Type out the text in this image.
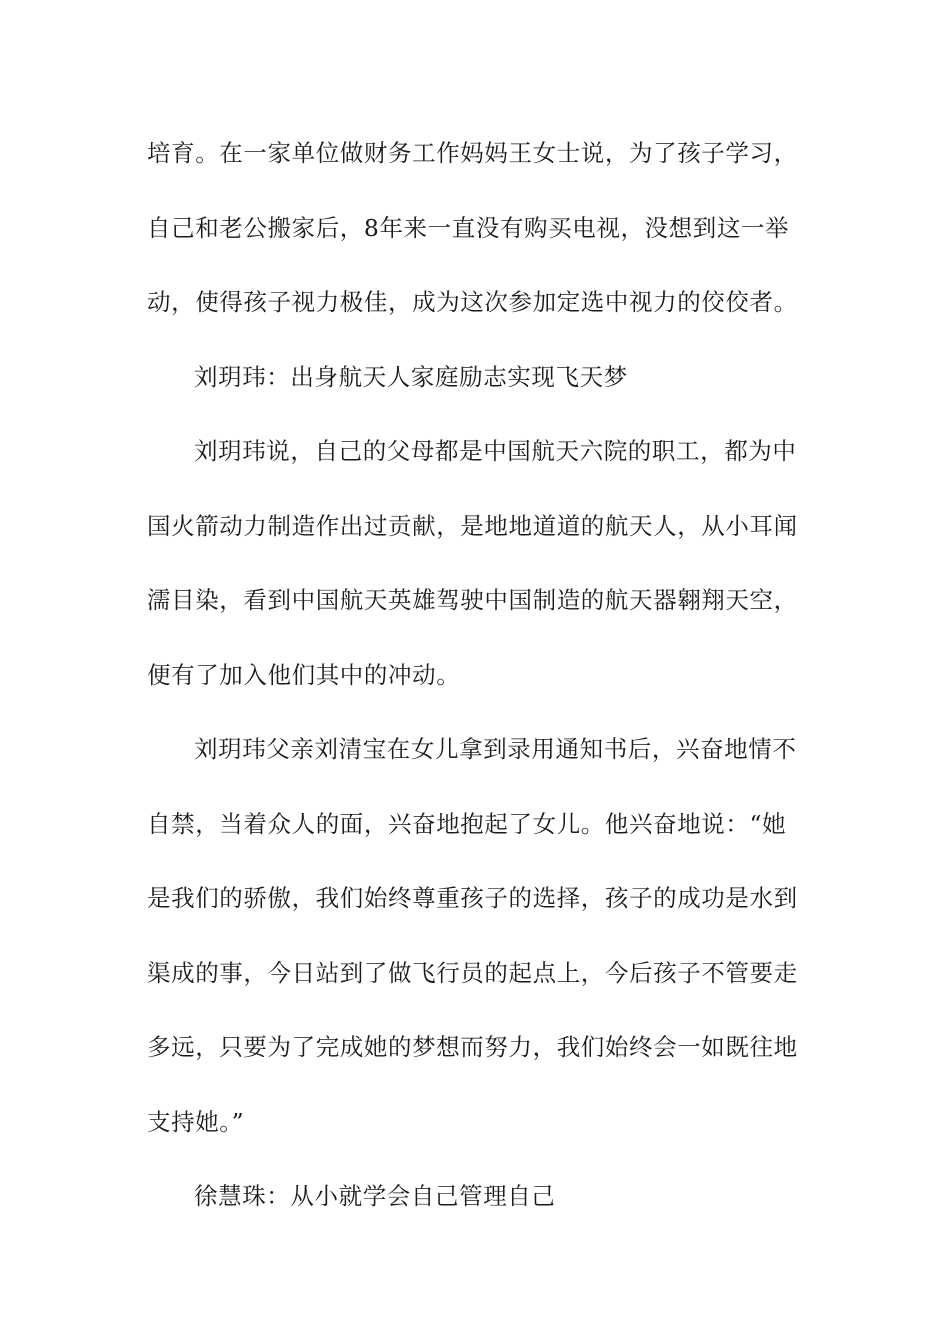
培育。在一家单位做财务工作妈妈王女士说，为了孩子学习，
自己和老公搬家后，8年来一直没有购买电视，没想到这一举
动，使得孩子视力极佳，成为这次参加定选中视力的佼佼者。
刘玥玮：出身航天人家庭励志实现飞天梦
刘玥玮说，自己的父母都是中国航天六院的职工，都为中
国火箭动力制造作出过贡献，是地地道道的航天人，从小耳闻
濡目染，看到中国航天英雄驾驶中国制造的航天器翱翔天空，
便有了加入他们其中的冲动。
刘玥玮父亲刘清宝在女儿拿到录用通知书后，兴奋地情不
自禁，当着众人的面，兴奋地抱起了女儿。他兴奋地说：“她
是我们的骄傲，我们始终尊重孩子的选择，孩子的成功是水到
渠成的事，今日站到了做飞行员的起点上，今后孩子不管要走
多远，只要为了完成她的梦想而努力，我们始终会一如既往地
支持她。”
徐慧珠：从小就学会自己管理自己
